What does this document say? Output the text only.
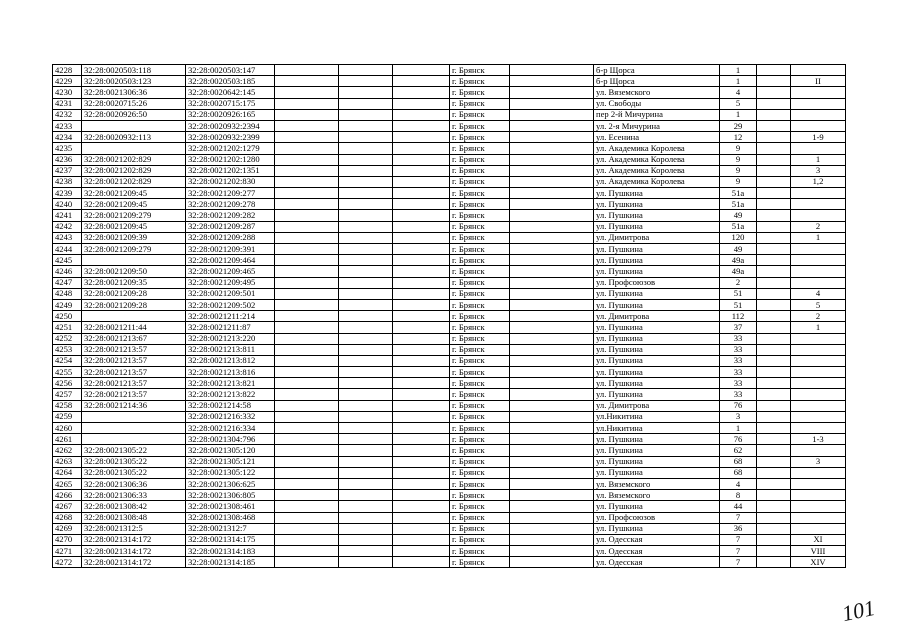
4228	32:28:0020503:118	32:28:0020503:147				г. Брянск		б-р Щорса	1		
4229	32:28:0020503:123	32:28:0020503:185				г. Брянск		б-р Щорса	1		II
4230	32:28:0021306:36	32:28:0020642:145				г. Брянск		ул. Вяземского	4		
4231	32:28:0020715:26	32:28:0020715:175				г. Брянск		ул. Свободы	5		
4232	32:28:0020926:50	32:28:0020926:165				г. Брянск		пер 2-й Мичурина	1		
4233		32:28:0020932:2394				г. Брянск		ул. 2-я Мичурина	29		
4234	32:28:0020932:113	32:28:0020932:2399				г. Брянск		ул. Есенина	12		1-9
4235		32:28:0021202:1279				г. Брянск		ул. Академика Королева	9		
4236	32:28:0021202:829	32:28:0021202:1280				г. Брянск		ул. Академика Королева	9		1
4237	32:28:0021202:829	32:28:0021202:1351				г. Брянск		ул. Академика Королева	9		3
4238	32:28:0021202:829	32:28:0021202:830				г. Брянск		ул. Академика Королева	9		1,2
4239	32:28:0021209:45	32:28:0021209:277				г. Брянск		ул. Пушкина	51а		
4240	32:28:0021209:45	32:28:0021209:278				г. Брянск		ул. Пушкина	51а		
4241	32:28:0021209:279	32:28:0021209:282				г. Брянск		ул. Пушкина	49		
4242	32:28:0021209:45	32:28:0021209:287				г. Брянск		ул. Пушкина	51а		2
4243	32:28:0021209:39	32:28:0021209:288				г. Брянск		ул. Димитрова	120		1
4244	32:28:0021209:279	32:28:0021209:391				г. Брянск		ул. Пушкина	49		
4245		32:28:0021209:464				г. Брянск		ул. Пушкина	49а		
4246	32:28:0021209:50	32:28:0021209:465				г. Брянск		ул. Пушкина	49а		
4247	32:28:0021209:35	32:28:0021209:495				г. Брянск		ул. Профсоюзов	2		
4248	32:28:0021209:28	32:28:0021209:501				г. Брянск		ул. Пушкина	51		4
4249	32:28:0021209:28	32:28:0021209:502				г. Брянск		ул. Пушкина	51		5
4250		32:28:0021211:214				г. Брянск		ул. Димитрова	112		2
4251	32:28:0021211:44	32:28:0021211:87				г. Брянск		ул. Пушкина	37		1
4252	32:28:0021213:67	32:28:0021213:220				г. Брянск		ул. Пушкина	33		
4253	32:28:0021213:57	32:28:0021213:811				г. Брянск		ул. Пушкина	33		
4254	32:28:0021213:57	32:28:0021213:812				г. Брянск		ул. Пушкина	33		
4255	32:28:0021213:57	32:28:0021213:816				г. Брянск		ул. Пушкина	33		
4256	32:28:0021213:57	32:28:0021213:821				г. Брянск		ул. Пушкина	33		
4257	32:28:0021213:57	32:28:0021213:822				г. Брянск		ул. Пушкина	33		
4258	32:28:0021214:36	32:28:0021214:58				г. Брянск		ул. Димитрова	76		
4259		32:28:0021216:332				г. Брянск		ул.Никитина	3		
4260		32:28:0021216:334				г. Брянск		ул.Никитина	1		
4261		32:28:0021304:796				г. Брянск		ул. Пушкина	76		1-3
4262	32:28:0021305:22	32:28:0021305:120				г. Брянск		ул. Пушкина	62		
4263	32:28:0021305:22	32:28:0021305:121				г. Брянск		ул. Пушкина	68		3
4264	32:28:0021305:22	32:28:0021305:122				г. Брянск		ул. Пушкина	68		
4265	32:28:0021306:36	32:28:0021306:625				г. Брянск		ул. Вяземского	4		
4266	32:28:0021306:33	32:28:0021306:805				г. Брянск		ул. Вяземского	8		
4267	32:28:0021308:42	32:28:0021308:461				г. Брянск		ул. Пушкина	44		
4268	32:28:0021308:48	32:28:0021308:468				г. Брянск		ул. Профсоюзов	7		
4269	32:28:0021312:5	32:28:0021312:7				г. Брянск		ул. Пушкина	36		
4270	32:28:0021314:172	32:28:0021314:175				г. Брянск		ул. Одесская	7		XI
4271	32:28:0021314:172	32:28:0021314:183				г. Брянск		ул. Одесская	7		VIII
4272	32:28:0021314:172	32:28:0021314:185				г. Брянск		ул. Одесская	7		XIV
101
